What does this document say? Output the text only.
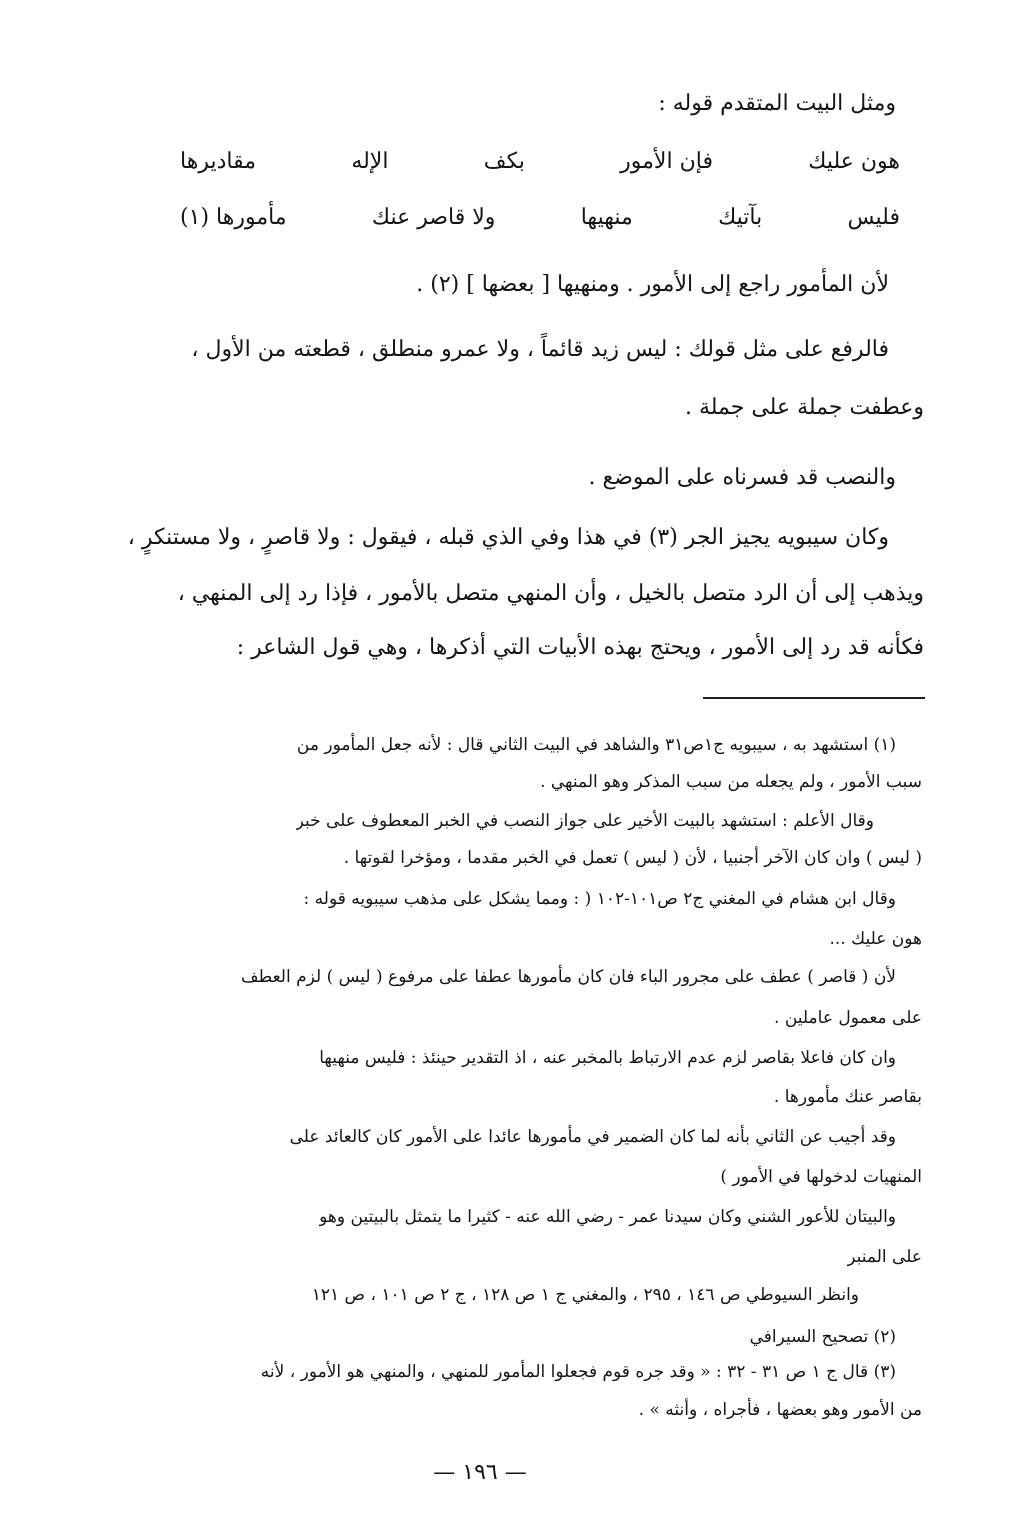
ومثل البيت المتقدم قوله :
هون عليك
فإن الأمور
بكف
الإله
مقاديرها
فليس
بآتيك
منهيها
ولا قاصر عنك
مأمورها (١)
لأن المأمور راجع إلى الأمور . ومنهيها [ بعضها ] (٢) .
فالرفع على مثل قولك : ليس زيد قائماً ، ولا عمرو منطلق ، قطعته من الأول ،
وعطفت جملة على جملة .
والنصب قد فسرناه على الموضع .
وكان سيبويه يجيز الجر (٣) في هذا وفي الذي قبله ، فيقول : ولا قاصرٍ ، ولا مستنكرٍ ،
ويذهب إلى أن الرد متصل بالخيل ، وأن المنهي متصل بالأمور ، فإذا رد إلى المنهي ،
فكأنه قد رد إلى الأمور ، ويحتج بهذه الأبيات التي أذكرها ، وهي قول الشاعر :
(١) استشهد به ، سيبويه ج١ص٣١ والشاهد في البيت الثاني قال : لأنه جعل المأمور من
سبب الأمور ، ولم يجعله من سبب المذكر وهو المنهي .
وقال الأعلم : استشهد بالبيت الأخير على جواز النصب في الخبر المعطوف على خبر
( ليس ) وان كان الآخر أجنبيا ، لأن ( ليس ) تعمل في الخبر مقدما ، ومؤخرا لقوتها .
وقال ابن هشام في المغني ج٢ ص١٠١-١٠٢ ( : ومما يشكل على مذهب سيبويه قوله :
هون عليك ...
لأن ( قاصر ) عطف على مجرور الباء فان كان مأمورها عطفا على مرفوع ( ليس ) لزم العطف
على معمول عاملين .
وان كان فاعلا بقاصر لزم عدم الارتباط بالمخبر عنه ، اذ التقدير حينئذ : فليس منهيها
بقاصر عنك مأمورها .
وقد أجيب عن الثاني بأنه لما كان الضمير في مأمورها عائدا على الأمور كان كالعائد على
المنهيات لدخولها في الأمور )
والبيتان للأعور الشني وكان سيدنا عمر - رضي الله عنه - كثيرا ما يتمثل بالبيتين وهو
على المنبر
وانظر السيوطي ص ١٤٦ ، ٢٩٥ ، والمغني ج ١ ص ١٢٨ ، ج ٢ ص ١٠١ ، ص ١٢١
(٢) تصحيح السيرافي
(٣) قال ج ١ ص ٣١ - ٣٢ : « وقد جره قوم فجعلوا المأمور للمنهي ، والمنهي هو الأمور ، لأنه
من الأمور وهو بعضها ، فأجراه ، وأنثه » .
— ١٩٦ —
